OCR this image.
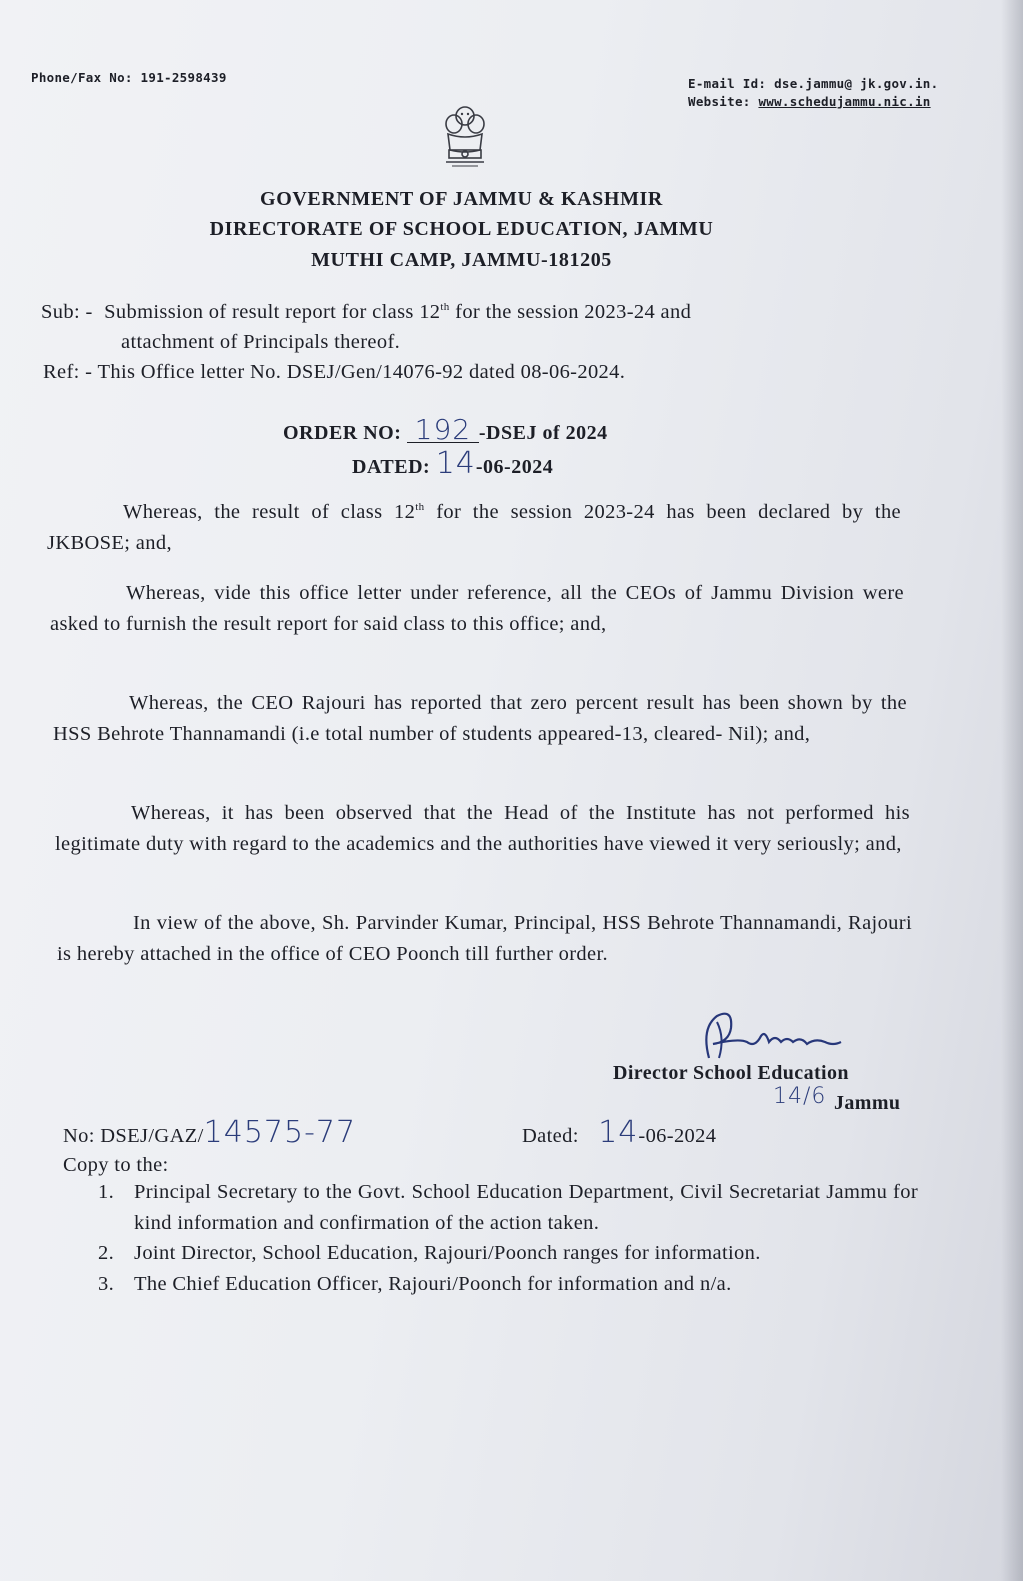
Phone/Fax No: 191-2598439	E-mail Id: dse.jammu@ jk.gov.in.
Website: www.schedujammu.nic.in
GOVERNMENT OF JAMMU & KASHMIR
DIRECTORATE OF SCHOOL EDUCATION, JAMMU
MUTHI CAMP, JAMMU-181205
Sub: - Submission of result report for class 12th for the session 2023-24 and
attachment of Principals thereof.
Ref: - This Office letter No. DSEJ/Gen/14076-92 dated 08-06-2024.
ORDER NO: 192 -DSEJ of 2024
DATED: 14-06-2024
Whereas, the result of class 12th for the session 2023-24 has been declared by the JKBOSE; and,
Whereas, vide this office letter under reference, all the CEOs of Jammu Division were asked to furnish the result report for said class to this office; and,
Whereas, the CEO Rajouri has reported that zero percent result has been shown by the HSS Behrote Thannamandi (i.e total number of students appeared-13, cleared- Nil); and,
Whereas, it has been observed that the Head of the Institute has not performed his legitimate duty with regard to the academics and the authorities have viewed it very seriously; and,
In view of the above, Sh. Parvinder Kumar, Principal, HSS Behrote Thannamandi, Rajouri is hereby attached in the office of CEO Poonch till further order.
Director School Education
14/6 Jammu
No: DSEJ/GAZ/14575-77	Dated: 14-06-2024
Copy to the:
1. Principal Secretary to the Govt. School Education Department, Civil Secretariat Jammu for kind information and confirmation of the action taken.
2. Joint Director, School Education, Rajouri/Poonch ranges for information.
3. The Chief Education Officer, Rajouri/Poonch for information and n/a.
